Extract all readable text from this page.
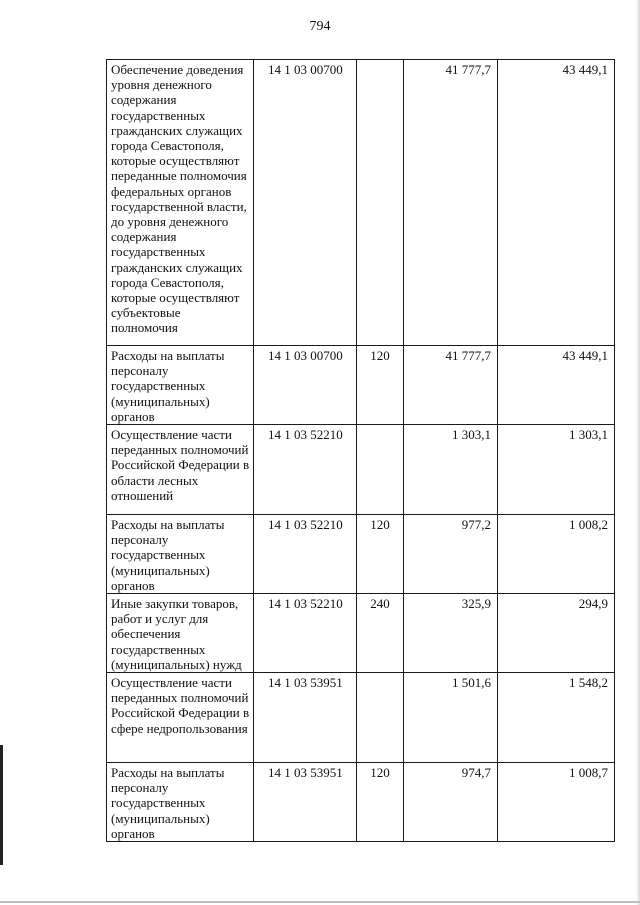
794
Обеспечение доведения уровня денежного содержания государственных гражданских служащих города Севастополя, которые осуществляют переданные полномочия федеральных органов государственной власти, до уровня денежного содержания государственных гражданских служащих города Севастополя, которые осуществляют субъектовые полномочия	14 1 03 00700		41 777,7	43 449,1
Расходы на выплаты персоналу государственных (муниципальных) органов	14 1 03 00700	120	41 777,7	43 449,1
Осуществление части переданных полномочий Российской Федерации в области лесных отношений	14 1 03 52210		1 303,1	1 303,1
Расходы на выплаты персоналу государственных (муниципальных) органов	14 1 03 52210	120	977,2	1 008,2
Иные закупки товаров, работ и услуг для обеспечения государственных (муниципальных) нужд	14 1 03 52210	240	325,9	294,9
Осуществление части переданных полномочий Российской Федерации в сфере недропользования	14 1 03 53951		1 501,6	1 548,2
Расходы на выплаты персоналу государственных (муниципальных) органов	14 1 03 53951	120	974,7	1 008,7
